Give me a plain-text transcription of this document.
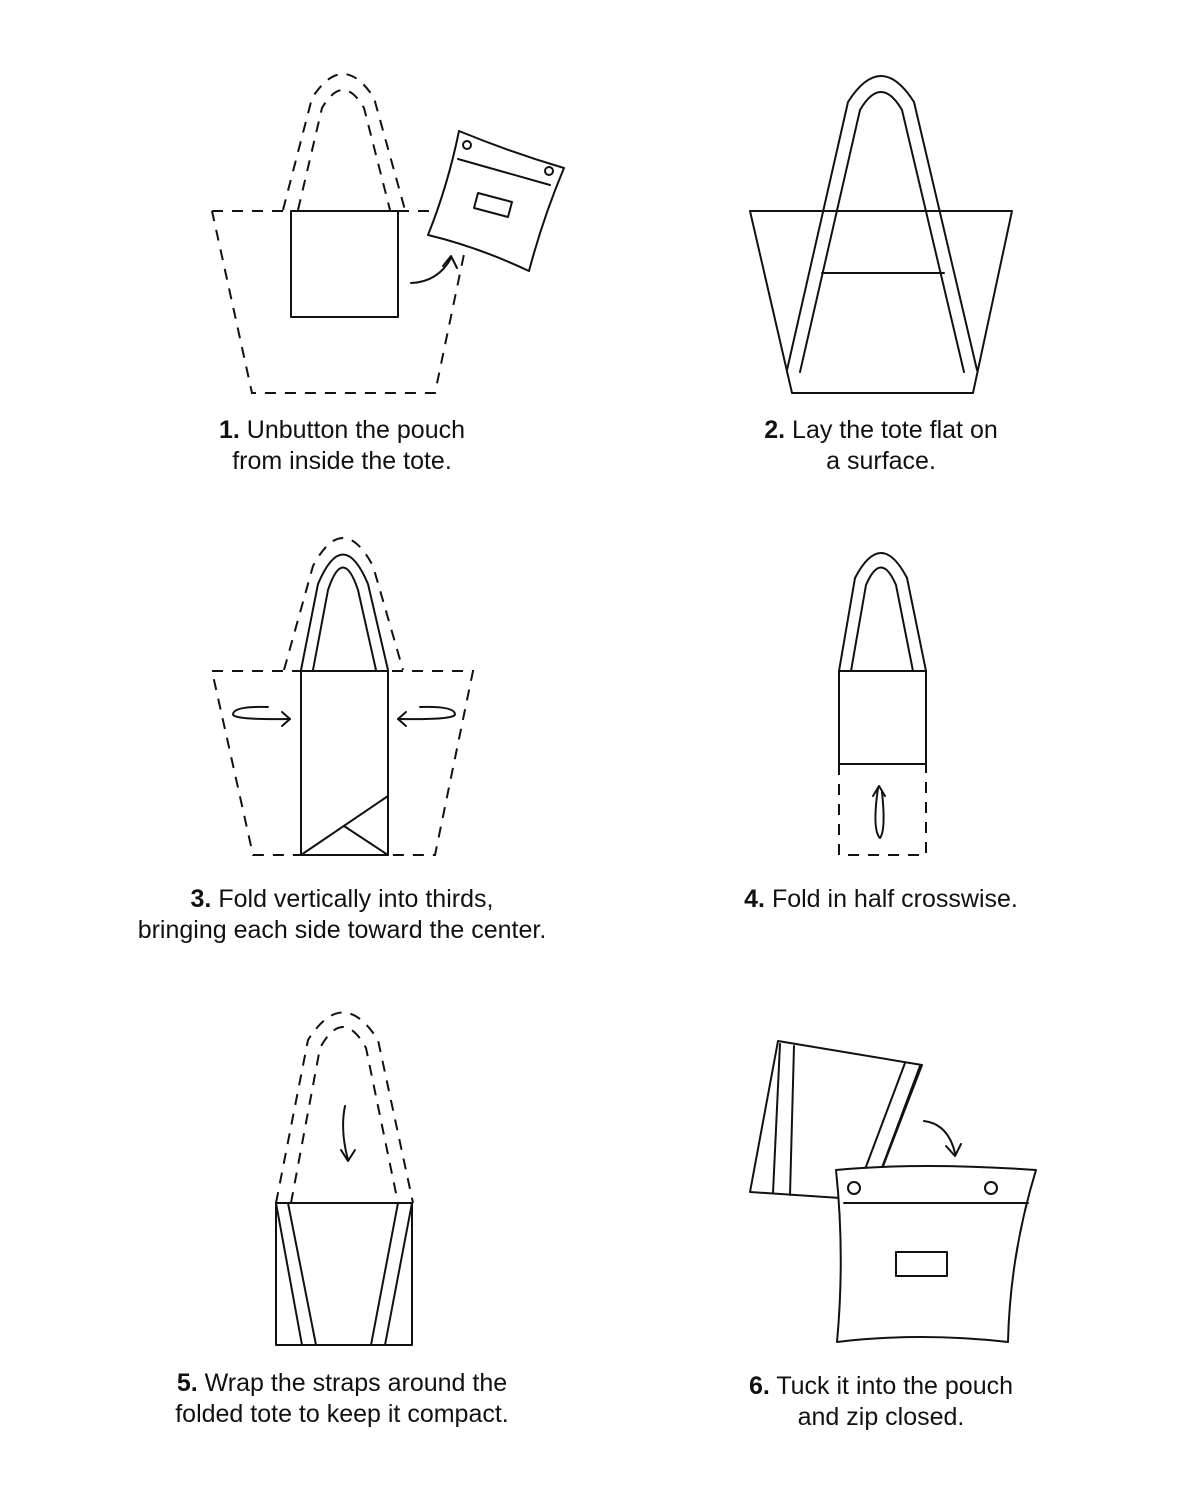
1. Unbutton the pouch
from inside the tote.
2. Lay the tote flat on
a surface.
3. Fold vertically into thirds,
bringing each side toward the center.
4. Fold in half crosswise.
5. Wrap the straps around the
folded tote to keep it compact.
6. Tuck it into the pouch
and zip closed.
